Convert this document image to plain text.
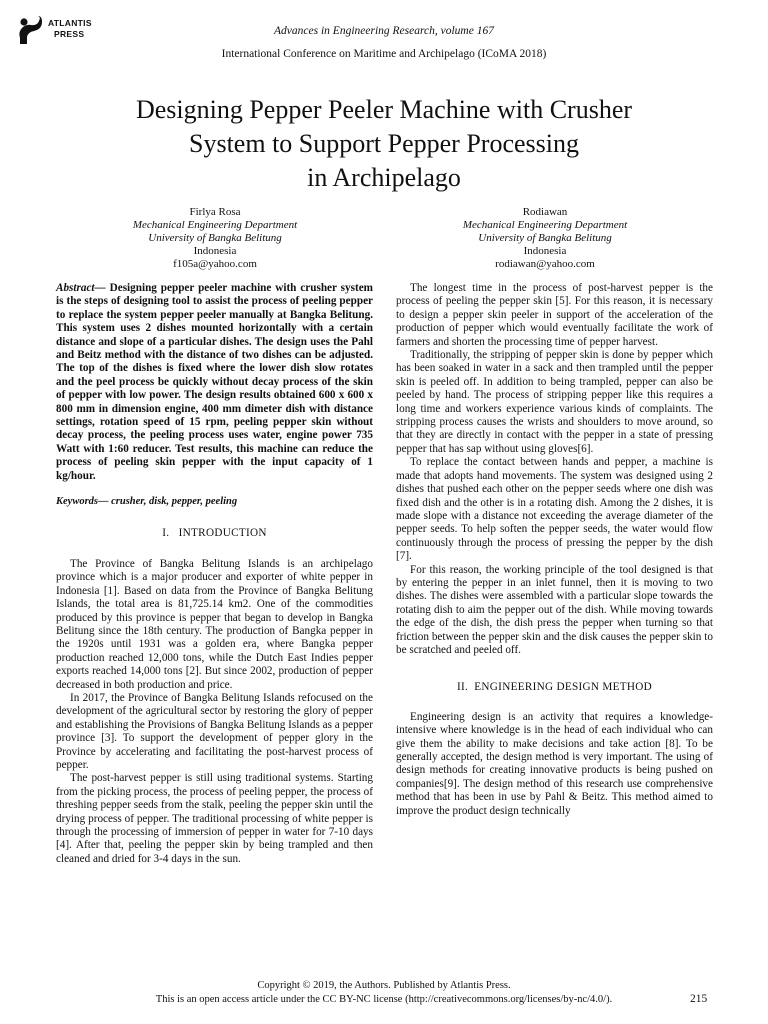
ATLANTIS
PRESS	Advances in Engineering Research, volume 167
International Conference on Maritime and Archipelago (ICoMA 2018)
Designing Pepper Peeler Machine with Crusher
System to Support Pepper Processing
in Archipelago
Firlya Rosa
Mechanical Engineering Department
University of Bangka Belitung
Indonesia
f105a@yahoo.com
Rodiawan
Mechanical Engineering Department
University of Bangka Belitung
Indonesia
rodiawan@yahoo.com

Abstract— Designing pepper peeler machine with crusher system is the steps of designing tool to assist the process of peeling pepper to replace the system pepper peeler manually at Bangka Belitung. This system uses 2 dishes mounted horizontally with a certain distance and slope of a particular dishes. The design uses the Pahl and Beitz method with the distance of two dishes can be adjusted. The top of the dishes is fixed where the lower dish slow rotates and the peel process be quickly without decay process of the skin of pepper with low power. The design results obtained 600 x 600 x 800 mm in dimension engine, 400 mm dimeter dish with distance settings, rotation speed of 15 rpm, peeling pepper skin without decay process, the peeling process uses water, engine power 735 Watt with 1:60 reducer. Test results, this machine can reduce the process of peeling skin pepper with the input capacity of 1 kg/hour.

Keywords— crusher, disk, pepper, peeling

I.   INTRODUCTION

The Province of Bangka Belitung Islands is an archipelago province which is a major producer and exporter of white pepper in Indonesia [1]. Based on data from the Province of Bangka Belitung Islands, the total area is 81,725.14 km2. One of the commodities produced by this province is pepper that began to develop in Bangka Belitung since the 18th century. The production of Bangka pepper in the 1920s until 1931 was a golden era, where Bangka pepper production reached 12,000 tons, while the Dutch East Indies pepper exports reached 14,000 tons [2]. But since 2002, production of pepper decreased in both production and price.

In 2017, the Province of Bangka Belitung Islands refocused on the development of the agricultural sector by restoring the glory of pepper and establishing the Provisions of Bangka Belitung Islands as a pepper province [3]. To support the development of pepper glory in the Province by accelerating and facilitating the post-harvest process of pepper.

The post-harvest pepper is still using traditional systems. Starting from the picking process, the process of peeling pepper, the process of threshing pepper seeds from the stalk, peeling the pepper skin until the drying process of pepper. The traditional processing of white pepper is through the processing of immersion of pepper in water for 7-10 days [4]. After that, peeling the pepper skin by being trampled and then cleaned and dried for 3-4 days in the sun.

The longest time in the process of post-harvest pepper is the process of peeling the pepper skin [5]. For this reason, it is necessary to design a pepper skin peeler in support of the acceleration of the production of pepper which would eventually facilitate the work of farmers and shorten the processing time of pepper harvest.

Traditionally, the stripping of pepper skin is done by pepper which has been soaked in water in a sack and then trampled until the pepper skin is peeled off. In addition to being trampled, pepper can also be peeled by hand. The process of stripping pepper like this requires a long time and workers experience various kinds of complaints. The stripping process causes the wrists and shoulders to move around, so that they are directly in contact with the pepper in a state of pressing pepper that has sap without using gloves[6].

To replace the contact between hands and pepper, a machine is made that adopts hand movements. The system was designed using 2 dishes that pushed each other on the pepper seeds where one dish was fixed dish and the other is in a rotating dish. Among the 2 dishes, it is made slope with a distance not exceeding the average diameter of the pepper seeds. To help soften the pepper seeds, the water would flow continuously through the process of pressing the pepper by the dish [7].

For this reason, the working principle of the tool designed is that by entering the pepper in an inlet funnel, then it is moving to two dishes. The dishes were assembled with a particular slope towards the rotating dish to aim the pepper out of the dish. While moving towards the edge of the dish, the dish press the pepper when turning so that friction between the pepper skin and the disk causes the pepper skin to be scratched and peeled off.

II.  ENGINEERING DESIGN METHOD

Engineering design is an activity that requires a knowledge-intensive where knowledge is in the head of each individual who can give them the ability to make decisions and take action [8]. To be generally accepted, the design method is very important. The using of design methods for creating innovative products is being pushed on companies[9]. The design method of this research use comprehensive method that has been in use by Pahl & Beitz. This method aimed to improve the product design technically

Copyright © 2019, the Authors. Published by Atlantis Press.
This is an open access article under the CC BY-NC license (http://creativecommons.org/licenses/by-nc/4.0/).	215
